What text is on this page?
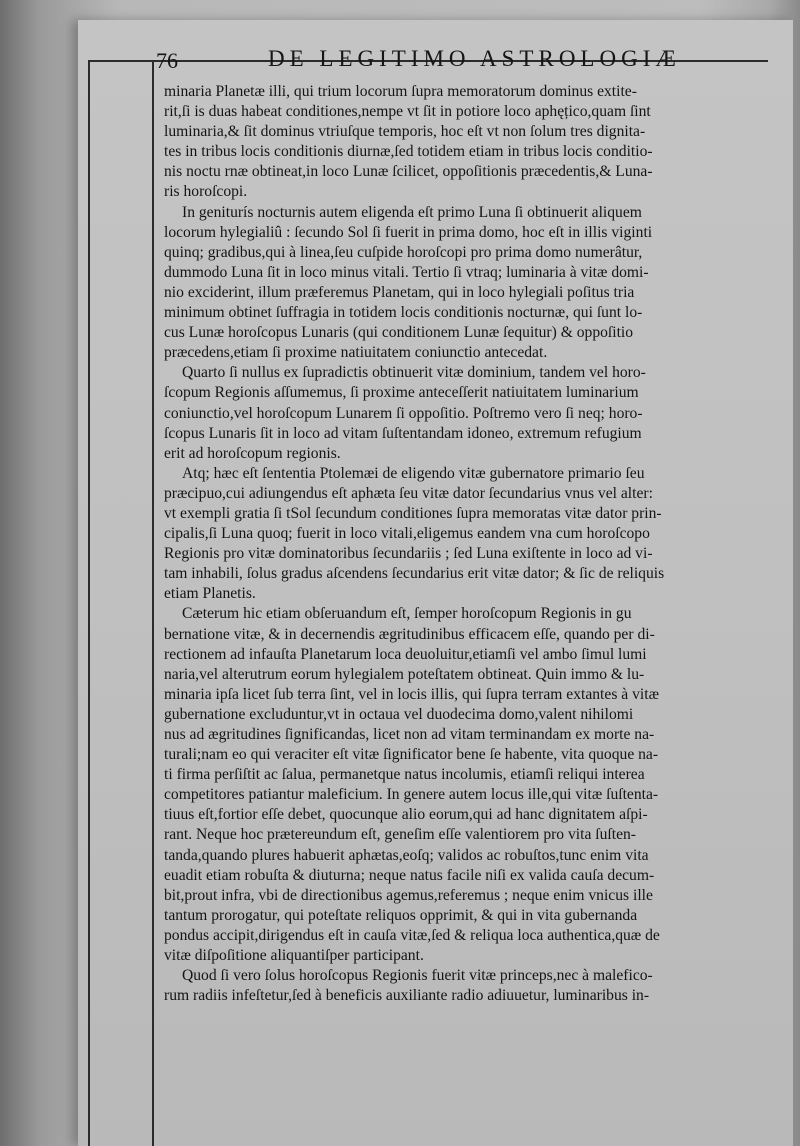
76	DE LEGITIMO ASTROLOGIÆ
minaria Planetæ illi, qui trium locorum ſupra memoratorum dominus extite-
rit,ſi is duas habeat conditiones,nempe vt ſit in potiore loco aphęțico,quam ſint
luminaria,& ſit dominus vtriuſque temporis, hoc eſt vt non ſolum tres dignita-
tes in tribus locis conditionis diurnæ,ſed totidem etiam in tribus locis conditio-
nis noctu rnæ obtineat,in loco Lunæ ſcilicet, oppoſitionis præcedentis,& Luna-
ris horoſcopi.
In geniturís nocturnis autem eligenda eſt primo Luna ſi obtinuerit aliquem
locorum hylegialiû : ſecundo Sol ſi fuerit in prima domo, hoc eſt in illis viginti
quinq; gradibus,qui à linea,ſeu cuſpide horoſcopi pro prima domo numerâtur,
dummodo Luna ſit in loco minus vitali. Tertio ſi vtraq; luminaria à vitæ domi-
nio exciderint, illum præferemus Planetam, qui in loco hylegiali poſitus tria
minimum obtinet ſuffragia in totidem locis conditionis nocturnæ, qui ſunt lo-
cus Lunæ horoſcopus Lunaris (qui conditionem Lunæ ſequitur) & oppoſitio
præcedens,etiam ſi proxime natiuitatem coniunctio antecedat.
Quarto ſi nullus ex ſupradictis obtinuerit vitæ dominium, tandem vel horo-
ſcopum Regionis aſſumemus, ſi proxime anteceſſerit natiuitatem luminarium
coniunctio,vel horoſcopum Lunarem ſi oppoſitio. Poſtremo vero ſi neq; horo-
ſcopus Lunaris ſit in loco ad vitam ſuſtentandam idoneo, extremum refugium
erit ad horoſcopum regionis.
Atq; hæc eſt ſententia Ptolemæi de eligendo vitæ gubernatore primario ſeu
præcipuo,cui adiungendus eſt aphæta ſeu vitæ dator ſecundarius vnus vel alter:
vt exempli gratia ſi tSol ſecundum conditiones ſupra memoratas vitæ dator prin-
cipalis,ſi Luna quoq; fuerit in loco vitali,eligemus eandem vna cum horoſcopo
Regionis pro vitæ dominatoribus ſecundariis ; ſed Luna exiſtente in loco ad vi-
tam inhabili, ſolus gradus aſcendens ſecundarius erit vitæ dator; & ſic de reliquis
etiam Planetis.
Cæterum hic etiam obſeruandum eſt, ſemper horoſcopum Regionis in gu
bernatione vitæ, & in decernendis ægritudinibus efficacem eſſe, quando per di-
rectionem ad infauſta Planetarum loca deuoluitur,etiamſi vel ambo ſimul lumi
naria,vel alterutrum eorum hylegialem poteſtatem obtineat. Quin immo & lu-
minaria ipſa licet ſub terra ſint, vel in locis illis, qui ſupra terram extantes à vitæ
gubernatione excluduntur,vt in octaua vel duodecima domo,valent nihilomi
nus ad ægritudines ſignificandas, licet non ad vitam terminandam ex morte na-
turali;nam eo qui veraciter eſt vitæ ſignificator bene ſe habente, vita quoque na-
ti firma perſiſtit ac ſalua, permanetque natus incolumis, etiamſi reliqui interea
competitores patiantur maleficium. In genere autem locus ille,qui vitæ ſuſtenta-
tiuus eſt,fortior eſſe debet, quocunque alio eorum,qui ad hanc dignitatem aſpi-
rant. Neque hoc prætereundum eſt, geneſim eſſe valentiorem pro vita ſuſten-
tanda,quando plures habuerit aphætas,eoſq; validos ac robuſtos,tunc enim vita
euadit etiam robuſta & diuturna; neque natus facile niſi ex valida cauſa decum-
bit,prout infra, vbi de directionibus agemus,referemus ; neque enim vnicus ille
tantum prorogatur, qui poteſtate reliquos opprimit, & qui in vita gubernanda
pondus accipit,dirigendus eſt in cauſa vitæ,ſed & reliqua loca authentica,quæ de
vitæ diſpoſitione aliquantiſper participant.
Quod ſi vero ſolus horoſcopus Regionis fuerit vitæ princeps,nec à malefico-
rum radiis infeſtetur,ſed à beneficis auxiliante radio adiuuetur, luminaribus in-
